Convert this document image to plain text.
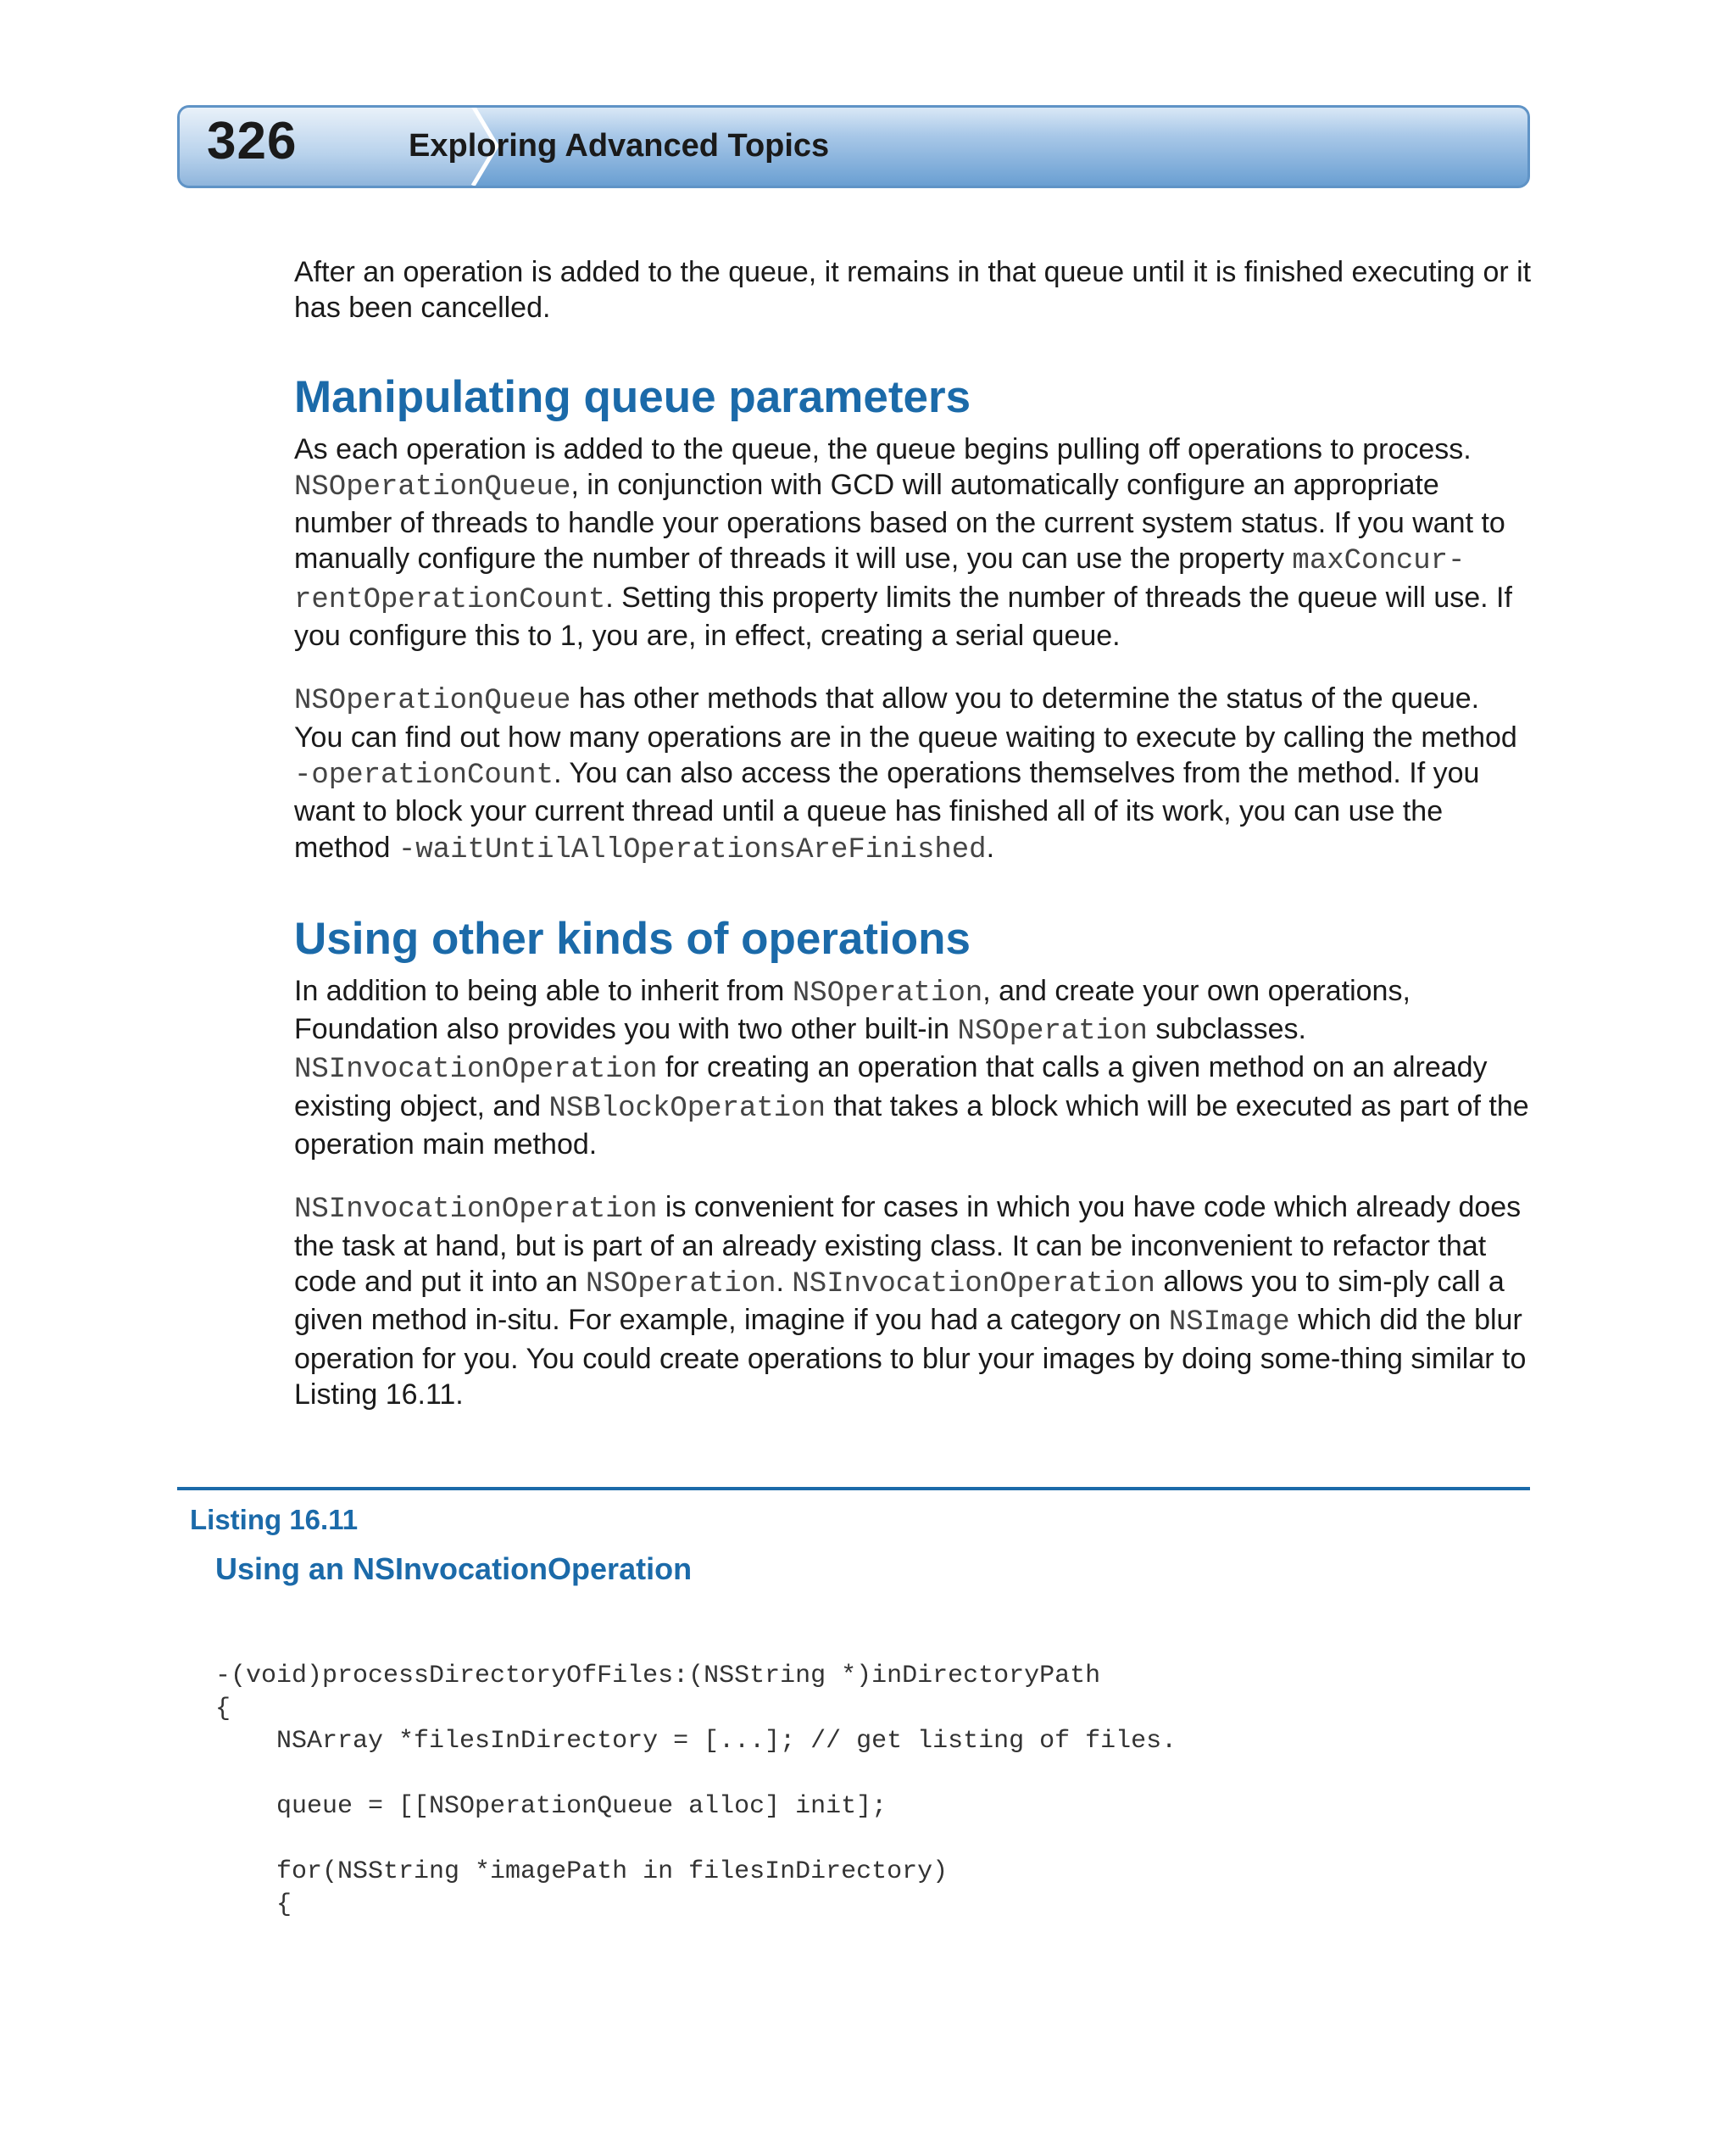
326	Exploring Advanced Topics

After an operation is added to the queue, it remains in that queue until it is finished executing or it has been cancelled.

Manipulating queue parameters

As each operation is added to the queue, the queue begins pulling off operations to process. NSOperationQueue, in conjunction with GCD will automatically configure an appropriate number of threads to handle your operations based on the current system status. If you want to manually configure the number of threads it will use, you can use the property maxConcur-rentOperationCount. Setting this property limits the number of threads the queue will use. If you configure this to 1, you are, in effect, creating a serial queue.

NSOperationQueue has other methods that allow you to determine the status of the queue. You can find out how many operations are in the queue waiting to execute by calling the method -operationCount. You can also access the operations themselves from the method. If you want to block your current thread until a queue has finished all of its work, you can use the method -waitUntilAllOperationsAreFinished.

Using other kinds of operations

In addition to being able to inherit from NSOperation, and create your own operations, Foundation also provides you with two other built-in NSOperation subclasses. NSInvocationOperation for creating an operation that calls a given method on an already existing object, and NSBlockOperation that takes a block which will be executed as part of the operation main method.

NSInvocationOperation is convenient for cases in which you have code which already does the task at hand, but is part of an already existing class. It can be inconvenient to refactor that code and put it into an NSOperation. NSInvocationOperation allows you to sim-ply call a given method in-situ. For example, imagine if you had a category on NSImage which did the blur operation for you. You could create operations to blur your images by doing some-thing similar to Listing 16.11.

Listing 16.11
Using an NSInvocationOperation
-(void)processDirectoryOfFiles:(NSString *)inDirectoryPath
{
NSArray *filesInDirectory = [...]; // get listing of files.
queue = [[NSOperationQueue alloc] init];
for(NSString *imagePath in filesInDirectory)
{
